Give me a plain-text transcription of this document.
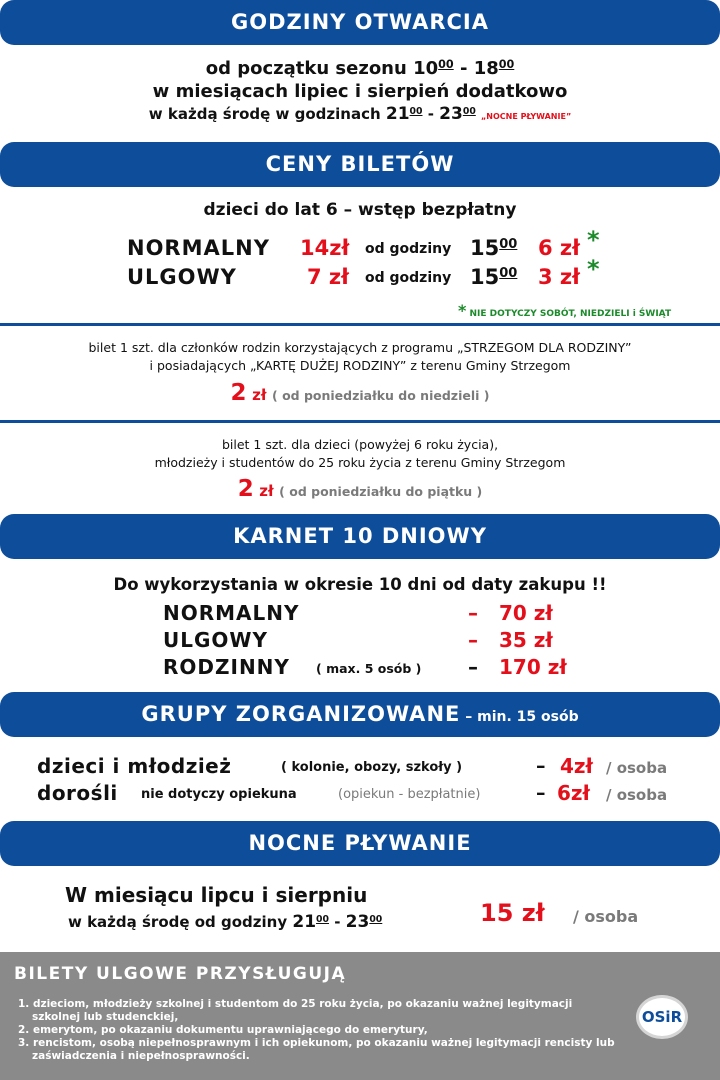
GODZINY OTWARCIA
od początku sezonu $10^{00} - 18^{00}$
w miesiącach lipiec i sierpień dodatkowo
w każdą środę w godzinach $21^{00} - 23^{00}$ „NOCNE PŁYWANIE”
CENY BILETÓW
dzieci do lat 6 – wstęp bezpłatny
NORMALNY 14zł od godziny $15^{00}$ 6 zł *
ULGOWY	7 zł od godziny $15^{00}$ 3 zł *
* NIE DOTYCZY SOBÓT, NIEDZIELI i ŚWIĄT
bilet 1 szt. dla członków rodzin korzystających z programu „STRZEGOM DLA RODZINY”
i posiadających „KARTĘ DUŻEJ RODZINY” z terenu Gminy Strzegom
2 zł ( od poniedziałku do niedzieli )
bilet 1 szt. dla dzieci (powyżej 6 roku życia),
młodzieży i studentów do 25 roku życia z terenu Gminy Strzegom
2 zł ( od poniedziałku do piątku )
KARNET 10 DNIOWY
Do wykorzystania w okresie 10 dni od daty zakupu !!
NORMALNY	– 70 zł
ULGOWY	– 35 zł
RODZINNY ( max. 5 osób ) – 170 zł
GRUPY ZORGANIZOWANE – min. 15 osób
dzieci i młodzież	( kolonie, obozy, szkoły )	– 4zł / osoba
dorośli nie dotyczy opiekuna	(opiekun - bezpłatnie)	– 6zł / osoba
NOCNE PŁYWANIE
W miesiącu lipcu i sierpniu
w każdą środę od godziny $21^{00} - 23^{00}$	15 zł / osoba
BILETY ULGOWE PRZYSŁUGUJĄ
1. dzieciom, młodzieży szkolnej i studentom do 25 roku życia, po okazaniu ważnej legitymacji szkolnej lub studenckiej,
2. emerytom, po okazaniu dokumentu uprawniającego do emerytury,
3. rencistom, osobą niepełnosprawnym i ich opiekunom, po okazaniu ważnej legitymacji rencisty lub zaświadczenia i niepełnosprawności.
OSiR
